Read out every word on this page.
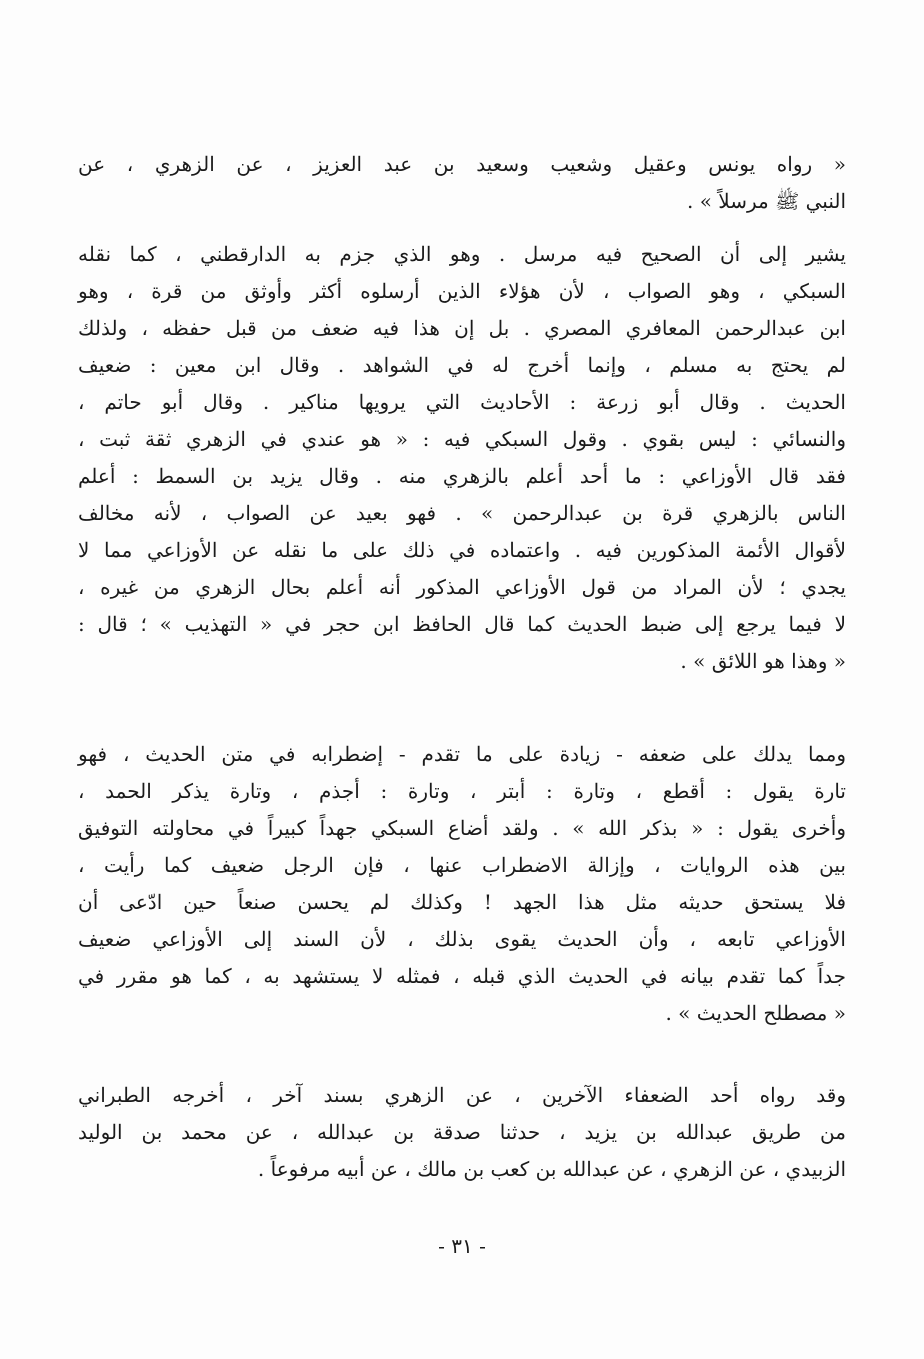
« رواه يونس وعقيل وشعيب وسعيد بن عبد العزيز ، عن الزهري ، عن
النبي ﷺ مرسلاً » .
يشير إلى أن الصحيح فيه مرسل . وهو الذي جزم به الدارقطني ، كما نقله
السبكي ، وهو الصواب ، لأن هؤلاء الذين أرسلوه أكثر وأوثق من قرة ، وهو
ابن عبدالرحمن المعافري المصري . بل إن هذا فيه ضعف من قبل حفظه ، ولذلك
لم يحتج به مسلم ، وإنما أخرج له في الشواهد . وقال ابن معين : ضعيف
الحديث . وقال أبو زرعة : الأحاديث التي يرويها مناكير . وقال أبو حاتم ،
والنسائي : ليس بقوي . وقول السبكي فيه : « هو عندي في الزهري ثقة ثبت ،
فقد قال الأوزاعي : ما أحد أعلم بالزهري منه . وقال يزيد بن السمط : أعلم
الناس بالزهري قرة بن عبدالرحمن » . فهو بعيد عن الصواب ، لأنه مخالف
لأقوال الأئمة المذكورين فيه . واعتماده في ذلك على ما نقله عن الأوزاعي مما لا
يجدي ؛ لأن المراد من قول الأوزاعي المذكور أنه أعلم بحال الزهري من غيره ،
لا فيما يرجع إلى ضبط الحديث كما قال الحافظ ابن حجر في « التهذيب » ؛ قال :
« وهذا هو اللائق » .
ومما يدلك على ضعفه - زيادة على ما تقدم - إضطرابه في متن الحديث ، فهو
تارة يقول : أقطع ، وتارة : أبتر ، وتارة : أجذم ، وتارة يذكر الحمد ،
وأخرى يقول : « بذكر الله » . ولقد أضاع السبكي جهداً كبيراً في محاولته التوفيق
بين هذه الروايات ، وإزالة الاضطراب عنها ، فإن الرجل ضعيف كما رأيت ،
فلا يستحق حديثه مثل هذا الجهد ! وكذلك لم يحسن صنعاً حين ادّعى أن
الأوزاعي تابعه ، وأن الحديث يقوى بذلك ، لأن السند إلى الأوزاعي ضعيف
جداً كما تقدم بيانه في الحديث الذي قبله ، فمثله لا يستشهد به ، كما هو مقرر في
« مصطلح الحديث » .
وقد رواه أحد الضعفاء الآخرين ، عن الزهري بسند آخر ، أخرجه الطبراني
من طريق عبدالله بن يزيد ، حدثنا صدقة بن عبدالله ، عن محمد بن الوليد
الزبيدي ، عن الزهري ، عن عبدالله بن كعب بن مالك ، عن أبيه مرفوعاً .
- ٣١ -
